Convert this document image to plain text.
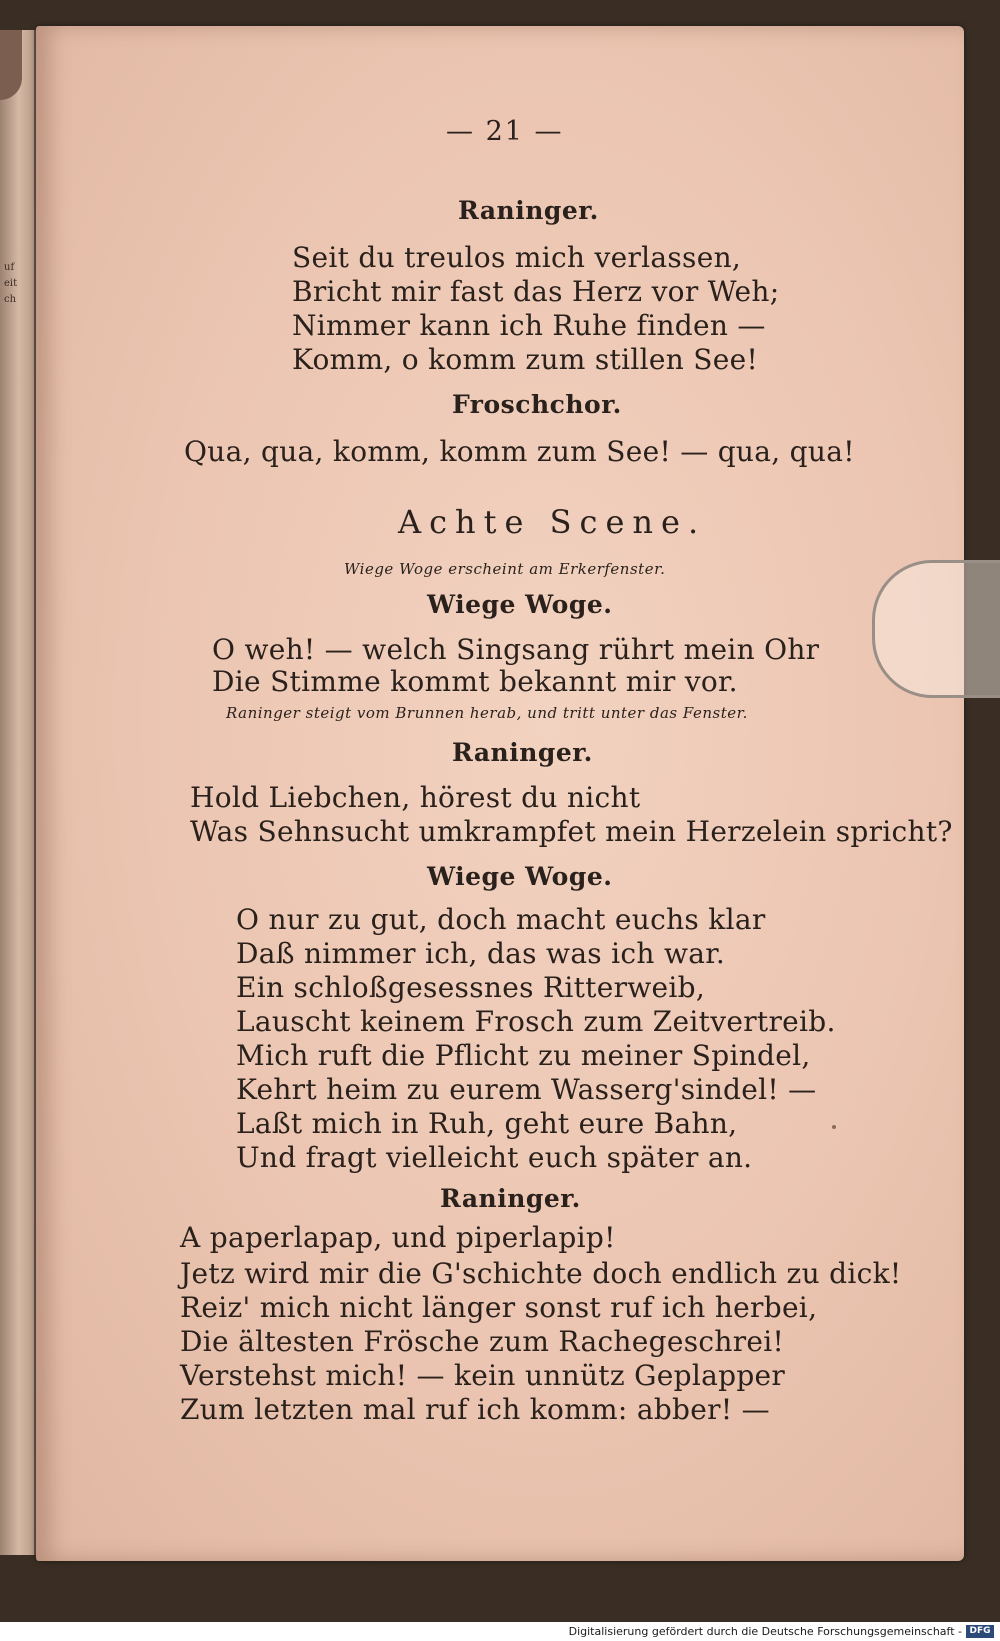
uf
eit
ch
— 21 —
Raninger.
Seit du treulos mich verlassen,
Bricht mir fast das Herz vor Weh;
Nimmer kann ich Ruhe finden —
Komm, o komm zum stillen See!
Froschchor.
Qua, qua, komm, komm zum See! — qua, qua!
Achte Scene.
Wiege Woge erscheint am Erkerfenster.
Wiege Woge.
O weh! — welch Singsang rührt mein Ohr
Die Stimme kommt bekannt mir vor.
Raninger steigt vom Brunnen herab, und tritt unter das Fenster.
Raninger.
Hold Liebchen, hörest du nicht
Was Sehnsucht umkrampfet mein Herzelein spricht?
Wiege Woge.
O nur zu gut, doch macht euchs klar
Daß nimmer ich, das was ich war.
Ein schloßgesessnes Ritterweib,
Lauscht keinem Frosch zum Zeitvertreib.
Mich ruft die Pflicht zu meiner Spindel,
Kehrt heim zu eurem Wasserg'sindel! —
Laßt mich in Ruh, geht eure Bahn,
Und fragt vielleicht euch später an.
Raninger.
A paperlapap, und piperlapip!
Jetz wird mir die G'schichte doch endlich zu dick!
Reiz' mich nicht länger sonst ruf ich herbei,
Die ältesten Frösche zum Rachegeschrei!
Verstehst mich! — kein unnütz Geplapper
Zum letzten mal ruf ich komm: abber! —
Digitalisierung gefördert durch die Deutsche Forschungsgemeinschaft - DFG
